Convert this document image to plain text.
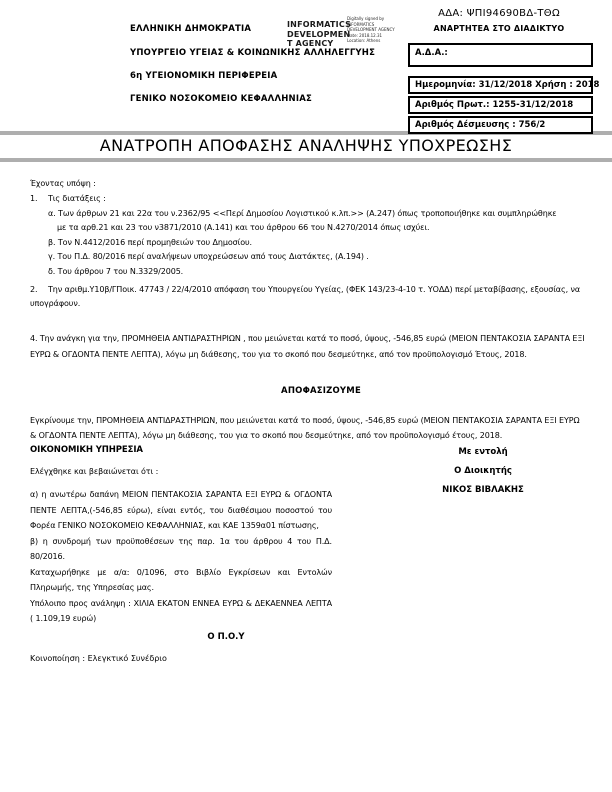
ΑΔΑ: ΨΠΙ94690ΒΔ-ΤΘΩ
ΑΝΑΡΤΗΤΕΑ ΣΤΟ ΔΙΑΔΙΚΤΥΟ
ΕΛΛΗΝΙΚΗ ΔΗΜΟΚΡΑΤΙΑ
ΥΠΟΥΡΓΕΙΟ ΥΓΕΙΑΣ & ΚΟΙΝΩΝΙΚΗΣ ΑΛΛΗΛΕΓΓΥΗΣ
6η ΥΓΕΙΟΝΟΜΙΚΗ ΠΕΡΙΦΕΡΕΙΑ
ΓΕΝΙΚΟ ΝΟΣΟΚΟΜΕΙΟ ΚΕΦΑΛΛΗΝΙΑΣ
INFORMATICS
DEVELOPMEN
T AGENCY
Digitally signed by
INFORMATICS
DEVELOPMENT AGENCY
Date: 2018.12.31
Location: Athens
Α.Δ.Α.:
Ημερομηνία: 31/12/2018 Χρήση : 2018
Αριθμός Πρωτ.: 1255-31/12/2018
Αριθμός Δέσμευσης : 756/2
ΑΝΑΤΡΟΠΗ ΑΠΟΦΑΣΗΣ ΑΝΑΛΗΨΗΣ ΥΠΟΧΡΕΩΣΗΣ
Έχοντας υπόψη :
1. Τις διατάξεις :
α. Των άρθρων 21 και 22α του ν.2362/95 <<Περί Δημοσίου Λογιστικού κ.λπ.>> (Α.247) όπως τροποποιήθηκε και συμπληρώθηκε
με τα αρθ.21 και 23 του ν3871/2010 (Α.141) και του άρθρου 66 του Ν.4270/2014 όπως ισχύει.
β. Τον Ν.4412/2016 περί προμηθειών του Δημοσίου.
γ. Του Π.Δ. 80/2016 περί αναλήψεων υποχρεώσεων από τους Διατάκτες, (Α.194) .
δ. Του άρθρου 7 του Ν.3329/2005.
2. Την αριθμ.Υ10β/ΓΠοικ. 47743 / 22/4/2010 απόφαση του Υπουργείου Υγείας, (ΦΕΚ 143/23-4-10 τ. ΥΟΔΔ) περί μεταβίβασης, εξουσίας, να υπογράφουν.
4. Την ανάγκη για την, ΠΡΟΜΗΘΕΙΑ ΑΝΤΙΔΡΑΣΤΗΡΙΩΝ , που μειώνεται κατά το ποσό, ύψους, -546,85 ευρώ (ΜΕΙΟΝ ΠΕΝΤΑΚΟΣΙΑ ΣΑΡΑΝΤΑ ΕΞΙ ΕΥΡΩ & ΟΓΔΟΝΤΑ ΠΕΝΤΕ ΛΕΠΤΑ), λόγω μη διάθεσης, του για το σκοπό που δεσμεύτηκε, από τον προϋπολογισμό Έτους, 2018.
ΑΠΟΦΑΣΙΖΟΥΜΕ
Εγκρίνουμε την, ΠΡΟΜΗΘΕΙΑ ΑΝΤΙΔΡΑΣΤΗΡΙΩΝ, που μειώνεται κατά το ποσό, ύψους, -546,85 ευρώ (ΜΕΙΟΝ ΠΕΝΤΑΚΟΣΙΑ ΣΑΡΑΝΤΑ ΕΞΙ ΕΥΡΩ & ΟΓΔΟΝΤΑ ΠΕΝΤΕ ΛΕΠΤΑ), λόγω μη διάθεσης, του για το σκοπό που δεσμεύτηκε, από τον προϋπολογισμό έτους, 2018.
ΟΙΚΟΝΟΜΙΚΗ ΥΠΗΡΕΣΙΑ
Ελέγχθηκε και βεβαιώνεται ότι :
α) η ανωτέρω δαπάνη ΜΕΙΟΝ ΠΕΝΤΑΚΟΣΙΑ ΣΑΡΑΝΤΑ ΕΞΙ ΕΥΡΩ & ΟΓΔΟΝΤΑ ΠΕΝΤΕ ΛΕΠΤΑ,(-546,85 εύρω), είναι εντός, του διαθέσιμου ποσοστού του Φορέα ΓΕΝΙΚΟ ΝΟΣΟΚΟΜΕΙΟ ΚΕΦΑΛΛΗΝΙΑΣ, και ΚΑΕ 1359α01 πίστωσης,
β) η συνδρομή των προϋποθέσεων της παρ. 1α του άρθρου 4 του Π.Δ. 80/2016.
Καταχωρήθηκε με α/α: 0/1096, στο Βιβλίο Εγκρίσεων και Εντολών Πληρωμής, της Υπηρεσίας μας.
Υπόλοιπο προς ανάληψη : ΧΙΛΙΑ ΕΚΑΤΟΝ ΕΝΝΕΑ ΕΥΡΩ & ΔΕΚΑΕΝΝΕΑ ΛΕΠΤΑ ( 1.109,19 ευρώ)
Με εντολή
Ο Διοικητής
ΝΙΚΟΣ ΒΙΒΛΑΚΗΣ
Ο Π.Ο.Υ
Κοινοποίηση : Ελεγκτικό Συνέδριο
